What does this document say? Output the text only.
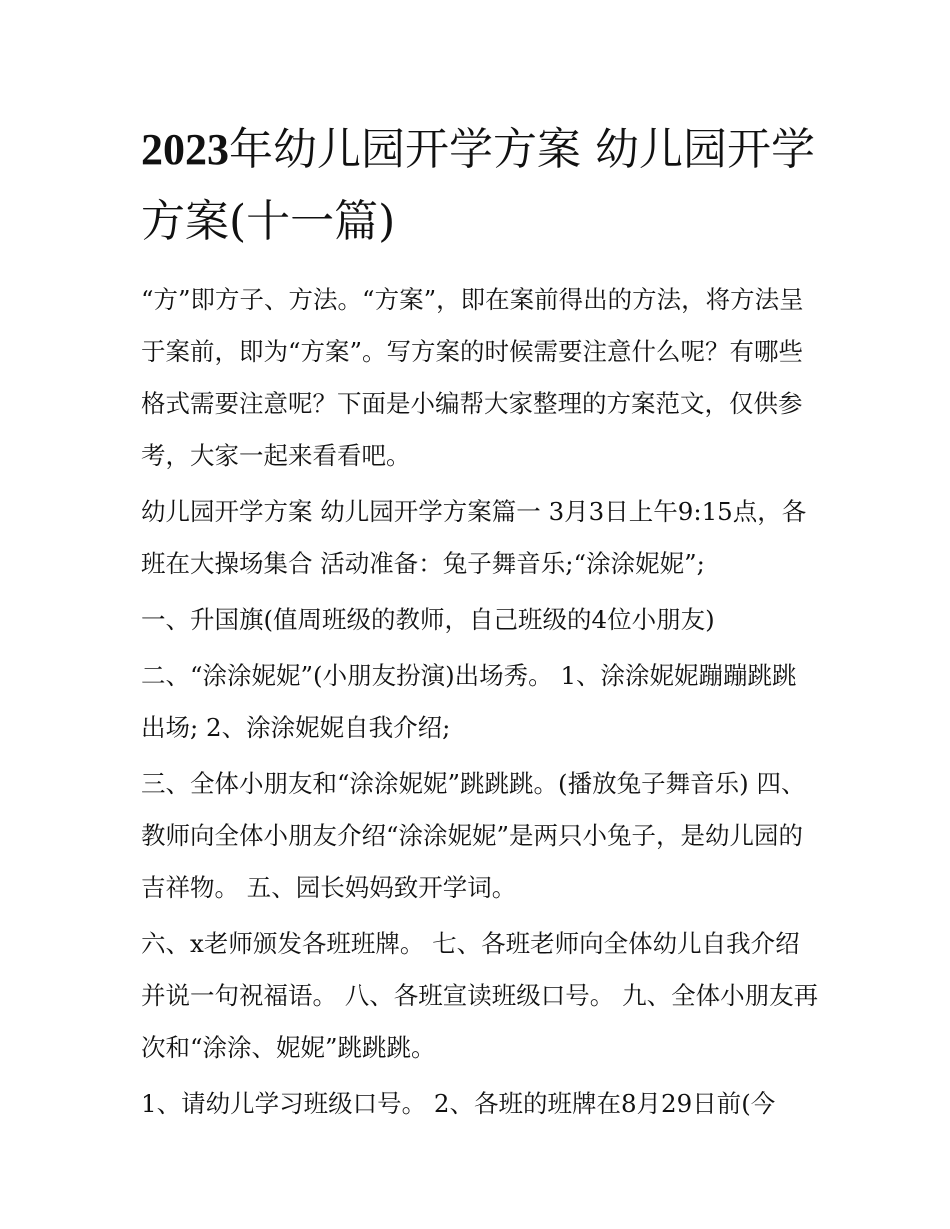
2023年幼儿园开学方案 幼儿园开学方案(十一篇)

“方”即方子、方法。“方案”，即在案前得出的方法，将方法呈于案前，即为“方案”。写方案的时候需要注意什么呢？有哪些格式需要注意呢？下面是小编帮大家整理的方案范文，仅供参考，大家一起来看看吧。

幼儿园开学方案 幼儿园开学方案篇一 3月3日上午9:15点，各班在大操场集合 活动准备：兔子舞音乐;“涂涂妮妮”;

一、升国旗(值周班级的教师，自己班级的4位小朋友)

二、“涂涂妮妮”(小朋友扮演)出场秀。 1、涂涂妮妮蹦蹦跳跳出场; 2、涂涂妮妮自我介绍;

三、全体小朋友和“涂涂妮妮”跳跳跳。(播放兔子舞音乐) 四、教师向全体小朋友介绍“涂涂妮妮”是两只小兔子，是幼儿园的吉祥物。 五、园长妈妈致开学词。

六、x老师颁发各班班牌。 七、各班老师向全体幼儿自我介绍并说一句祝福语。 八、各班宣读班级口号。 九、全体小朋友再次和“涂涂、妮妮”跳跳跳。

1、请幼儿学习班级口号。 2、各班的班牌在8月29日前(今
